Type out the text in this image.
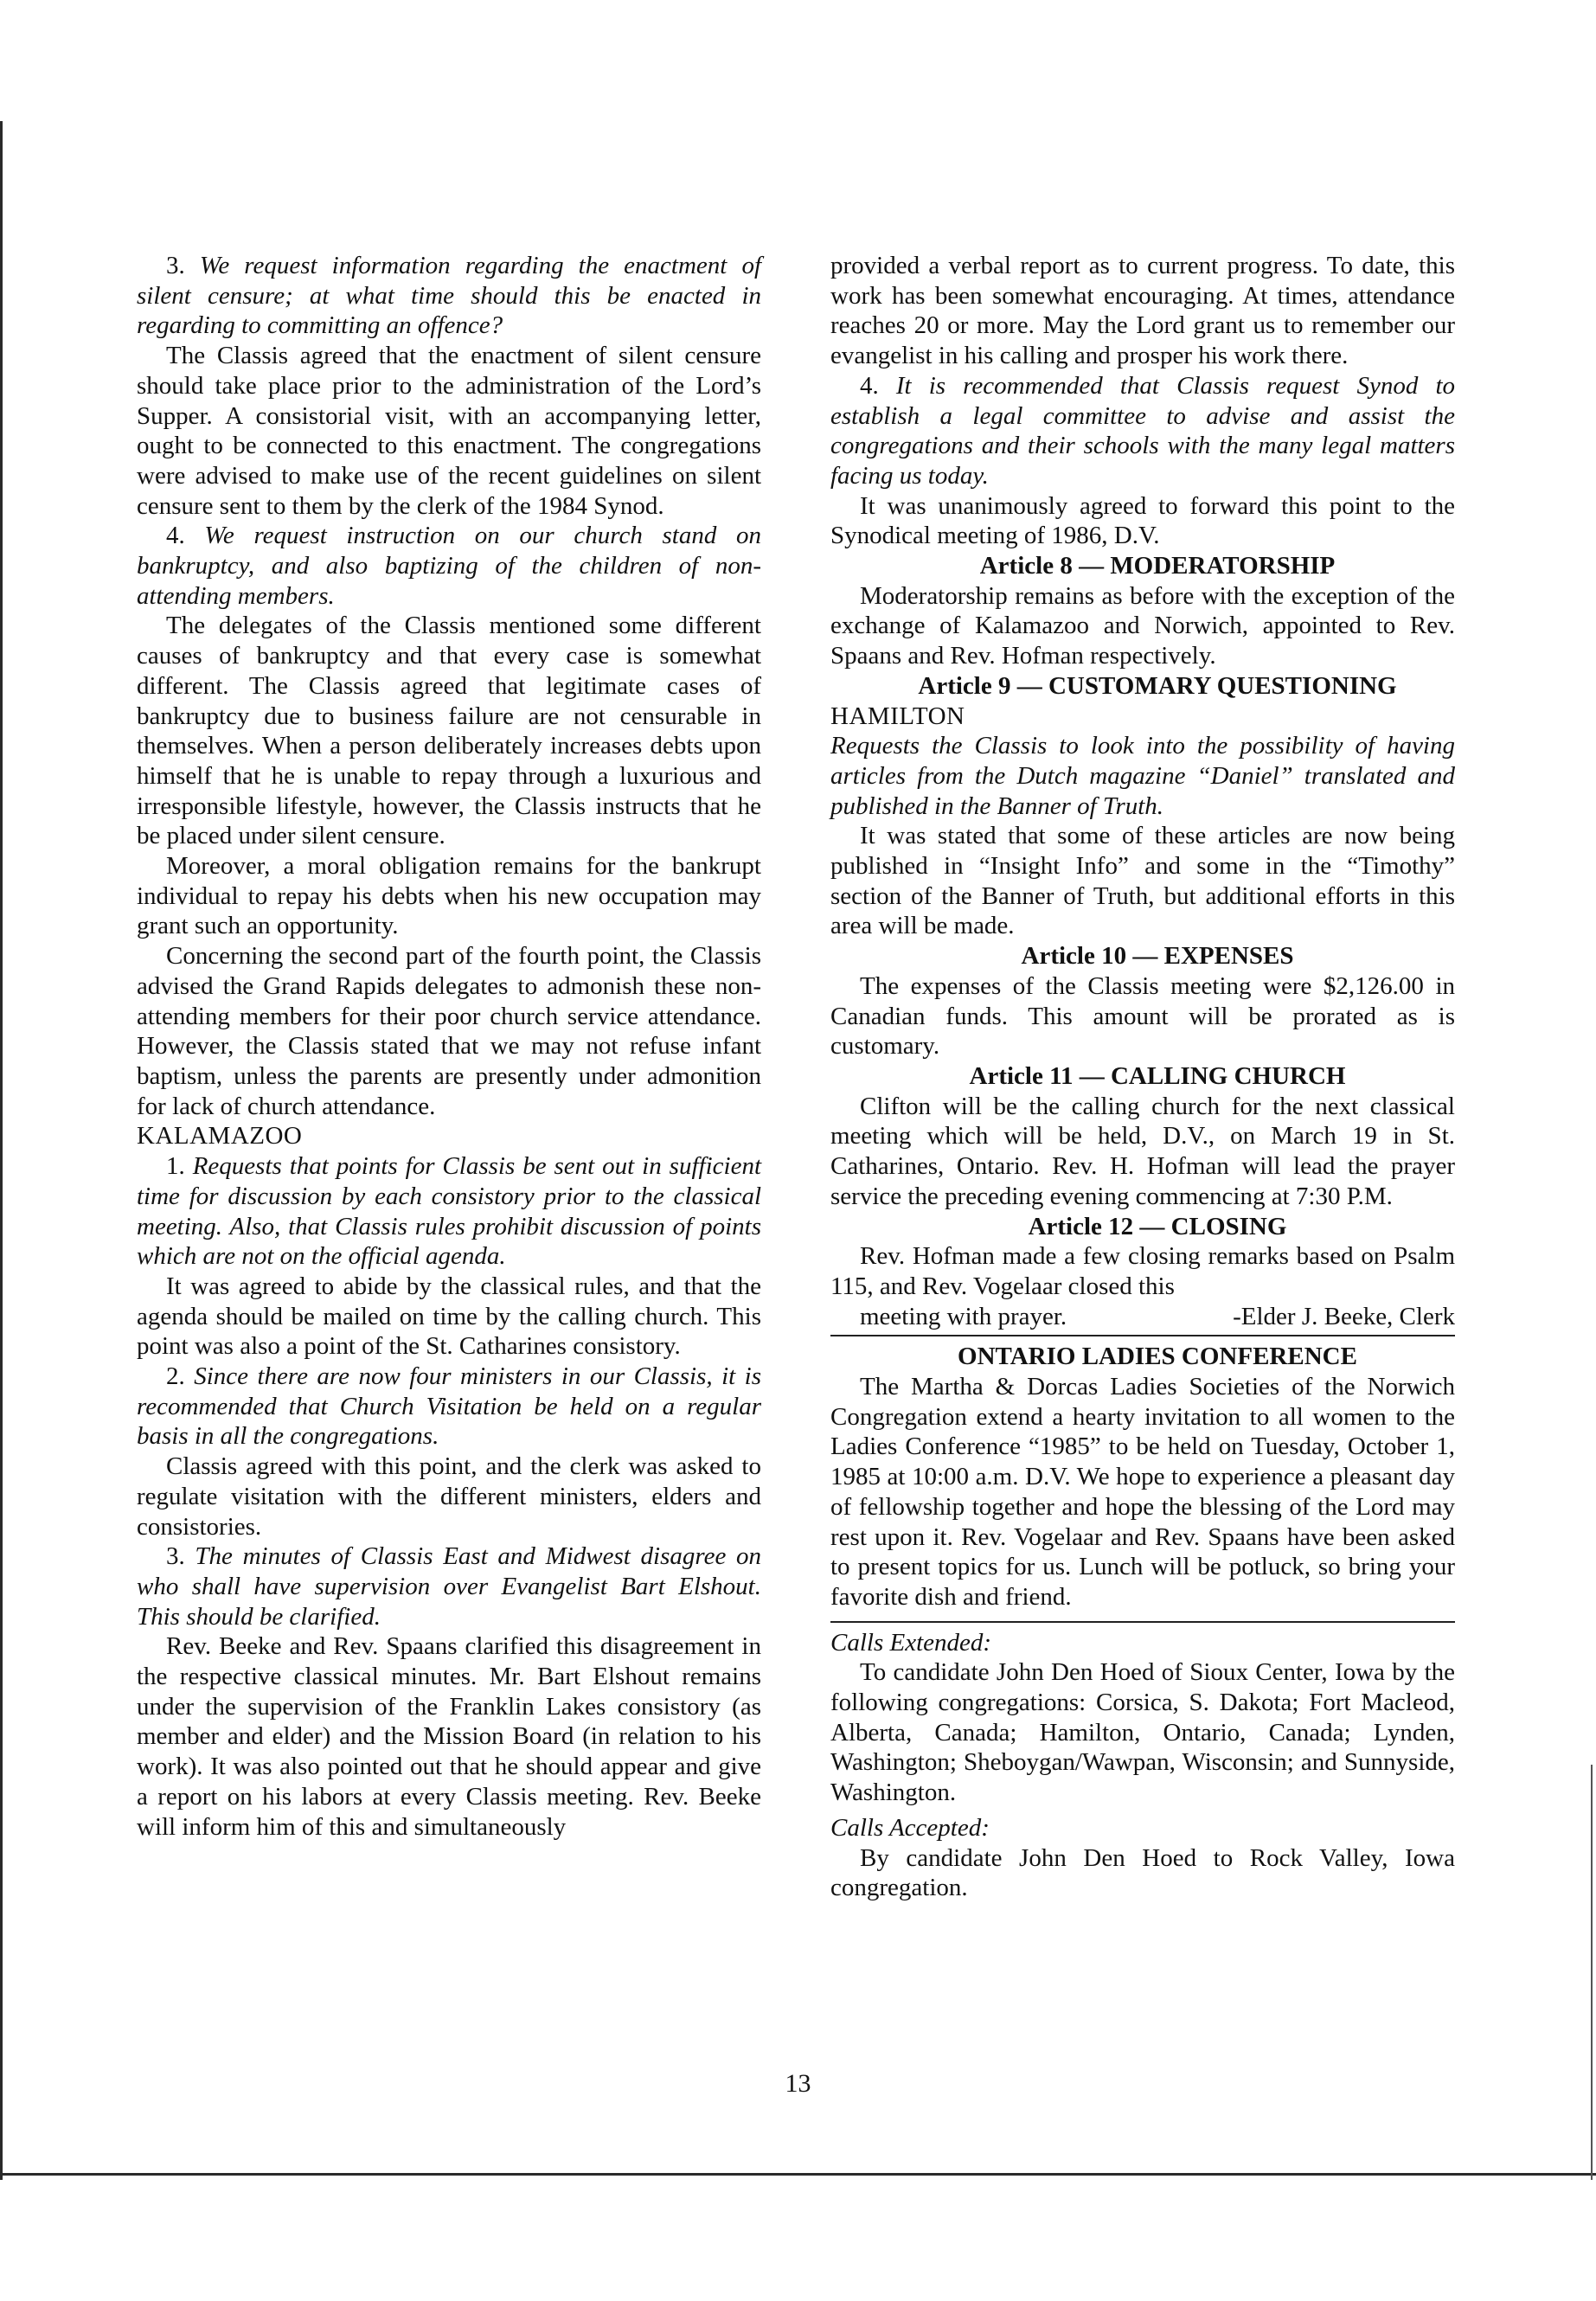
3. We request information regarding the enactment of silent censure; at what time should this be enacted in regarding to committing an offence?

The Classis agreed that the enactment of silent censure should take place prior to the administration of the Lord’s Supper. A consistorial visit, with an accompanying letter, ought to be connected to this enactment. The congregations were advised to make use of the recent guidelines on silent censure sent to them by the clerk of the 1984 Synod.

4. We request instruction on our church stand on bankruptcy, and also baptizing of the children of non-attending members.

The delegates of the Classis mentioned some different causes of bankruptcy and that every case is somewhat different. The Classis agreed that legitimate cases of bankruptcy due to business failure are not censurable in themselves. When a person deliberately increases debts upon himself that he is unable to repay through a luxurious and irresponsible lifestyle, however, the Classis instructs that he be placed under silent censure.

Moreover, a moral obligation remains for the bankrupt individual to repay his debts when his new occupation may grant such an opportunity.

Concerning the second part of the fourth point, the Classis advised the Grand Rapids delegates to admonish these non-attending members for their poor church service attendance. However, the Classis stated that we may not refuse infant baptism, unless the parents are presently under admonition for lack of church attendance.

KALAMAZOO

1. Requests that points for Classis be sent out in sufficient time for discussion by each consistory prior to the classical meeting. Also, that Classis rules prohibit discussion of points which are not on the official agenda.

It was agreed to abide by the classical rules, and that the agenda should be mailed on time by the calling church. This point was also a point of the St. Catharines consistory.

2. Since there are now four ministers in our Classis, it is recommended that Church Visitation be held on a regular basis in all the congregations.

Classis agreed with this point, and the clerk was asked to regulate visitation with the different ministers, elders and consistories.

3. The minutes of Classis East and Midwest disagree on who shall have supervision over Evangelist Bart Elshout. This should be clarified.

Rev. Beeke and Rev. Spaans clarified this disagreement in the respective classical minutes. Mr. Bart Elshout remains under the supervision of the Franklin Lakes consistory (as member and elder) and the Mission Board (in relation to his work). It was also pointed out that he should appear and give a report on his labors at every Classis meeting. Rev. Beeke will inform him of this and simultaneously

provided a verbal report as to current progress. To date, this work has been somewhat encouraging. At times, attendance reaches 20 or more. May the Lord grant us to remember our evangelist in his calling and prosper his work there.

4. It is recommended that Classis request Synod to establish a legal committee to advise and assist the congregations and their schools with the many legal matters facing us today.

It was unanimously agreed to forward this point to the Synodical meeting of 1986, D.V.

Article 8 — MODERATORSHIP

Moderatorship remains as before with the exception of the exchange of Kalamazoo and Norwich, appointed to Rev. Spaans and Rev. Hofman respectively.

Article 9 — CUSTOMARY QUESTIONING

HAMILTON

Requests the Classis to look into the possibility of having articles from the Dutch magazine “Daniel” translated and published in the Banner of Truth.

It was stated that some of these articles are now being published in “Insight Info” and some in the “Timothy” section of the Banner of Truth, but additional efforts in this area will be made.

Article 10 — EXPENSES

The expenses of the Classis meeting were $2,126.00 in Canadian funds. This amount will be prorated as is customary.

Article 11 — CALLING CHURCH

Clifton will be the calling church for the next classical meeting which will be held, D.V., on March 19 in St. Catharines, Ontario. Rev. H. Hofman will lead the prayer service the preceding evening commencing at 7:30 P.M.

Article 12 — CLOSING

Rev. Hofman made a few closing remarks based on Psalm 115, and Rev. Vogelaar closed this

meeting with prayer.	-Elder J. Beeke, Clerk

ONTARIO LADIES CONFERENCE

The Martha & Dorcas Ladies Societies of the Norwich Congregation extend a hearty invitation to all women to the Ladies Conference “1985” to be held on Tuesday, October 1, 1985 at 10:00 a.m. D.V. We hope to experience a pleasant day of fellowship together and hope the blessing of the Lord may rest upon it. Rev. Vogelaar and Rev. Spaans have been asked to present topics for us. Lunch will be potluck, so bring your favorite dish and friend.

Calls Extended:

To candidate John Den Hoed of Sioux Center, Iowa by the following congregations: Corsica, S. Dakota; Fort Macleod, Alberta, Canada; Hamilton, Ontario, Canada; Lynden, Washington; Sheboygan/Wawpan, Wisconsin; and Sunnyside, Washington.

Calls Accepted:

By candidate John Den Hoed to Rock Valley, Iowa congregation.

13
